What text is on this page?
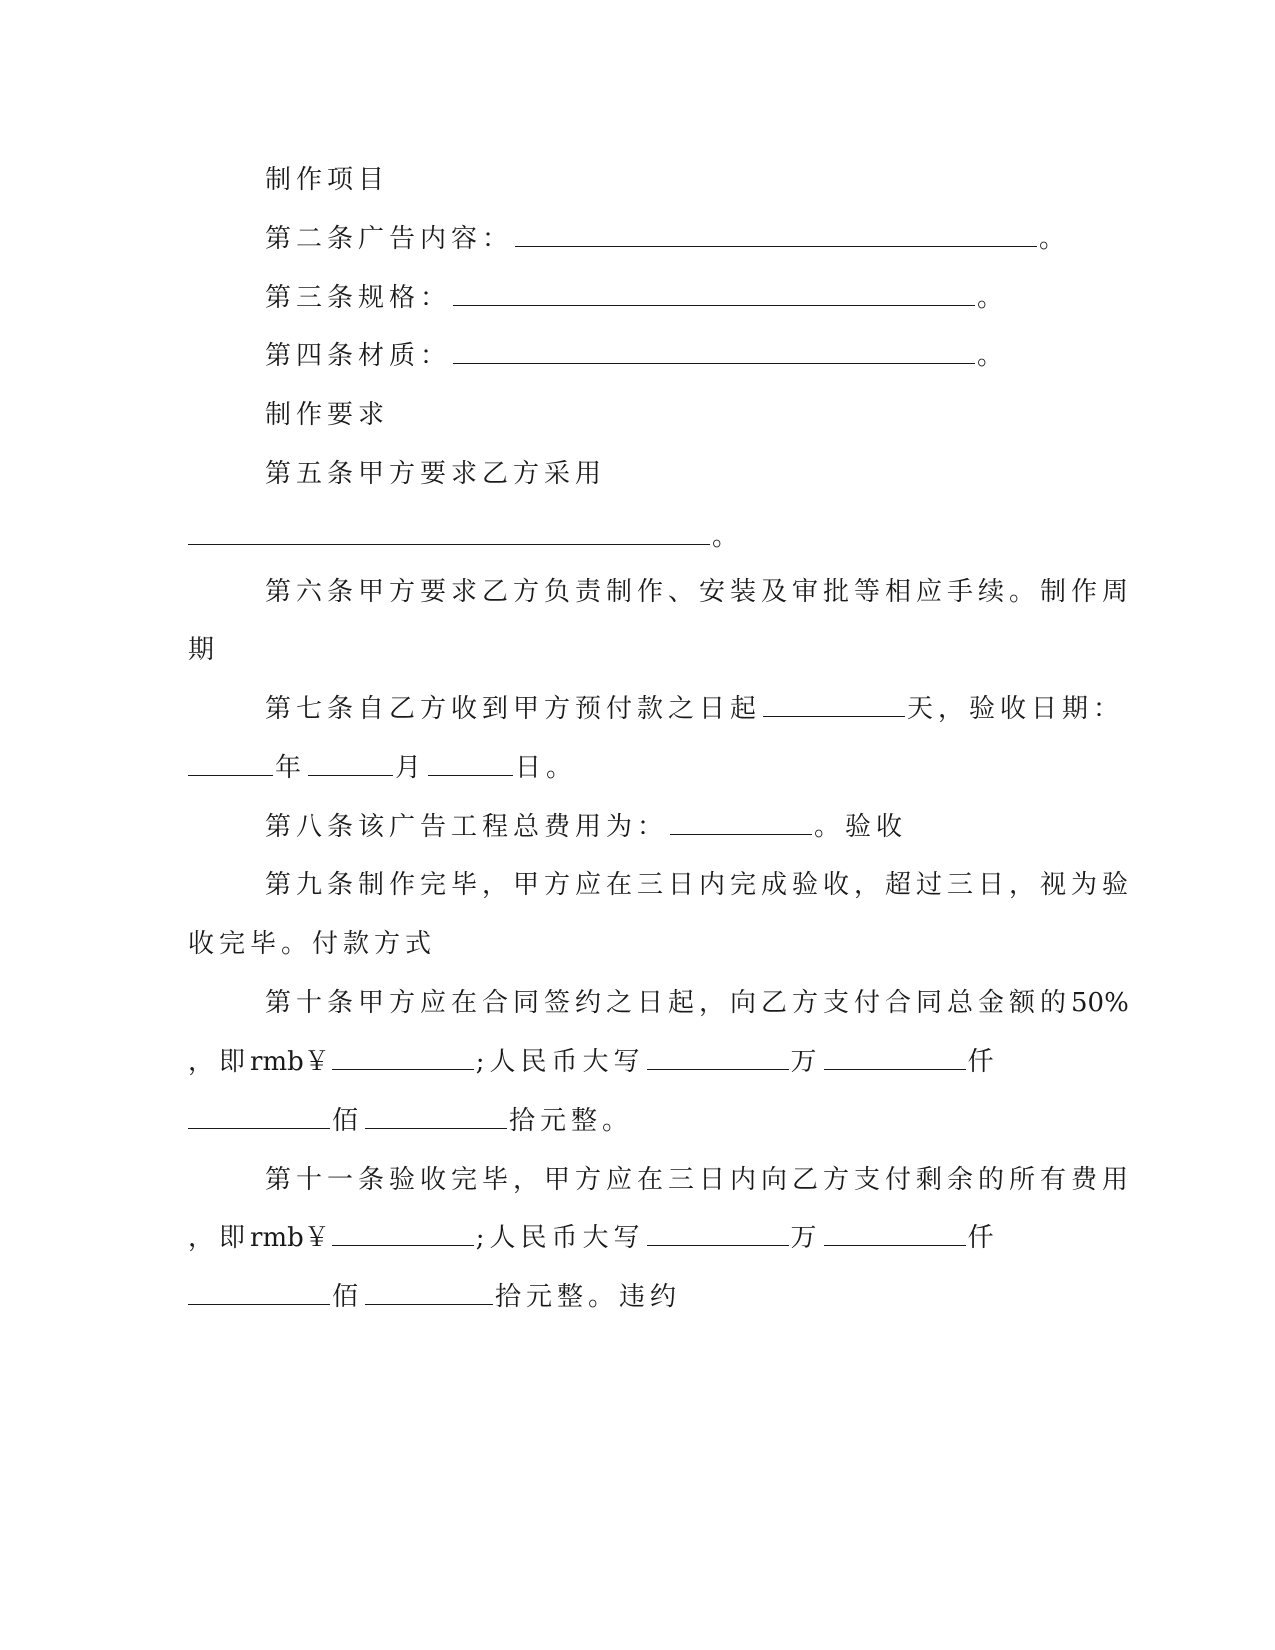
制作项目
第二条广告内容：	。
第三条规格：	。
第四条材质：	。
制作要求
第五条甲方要求乙方采用
。
第六条甲方要求乙方负责制作、安装及审批等相应手续。制作周
期
第七条自乙方收到甲方预付款之日起	天，验收日期：
年	月	日。
第八条该广告工程总费用为：	。验收
第九条制作完毕，甲方应在三日内完成验收，超过三日，视为验
收完毕。付款方式
第十条甲方应在合同签约之日起，向乙方支付合同总金额的50%
，即rmb￥	;人民币大写	万	仟
佰	拾元整。
第十一条验收完毕，甲方应在三日内向乙方支付剩余的所有费用
，即rmb￥	;人民币大写	万	仟
佰	拾元整。违约
